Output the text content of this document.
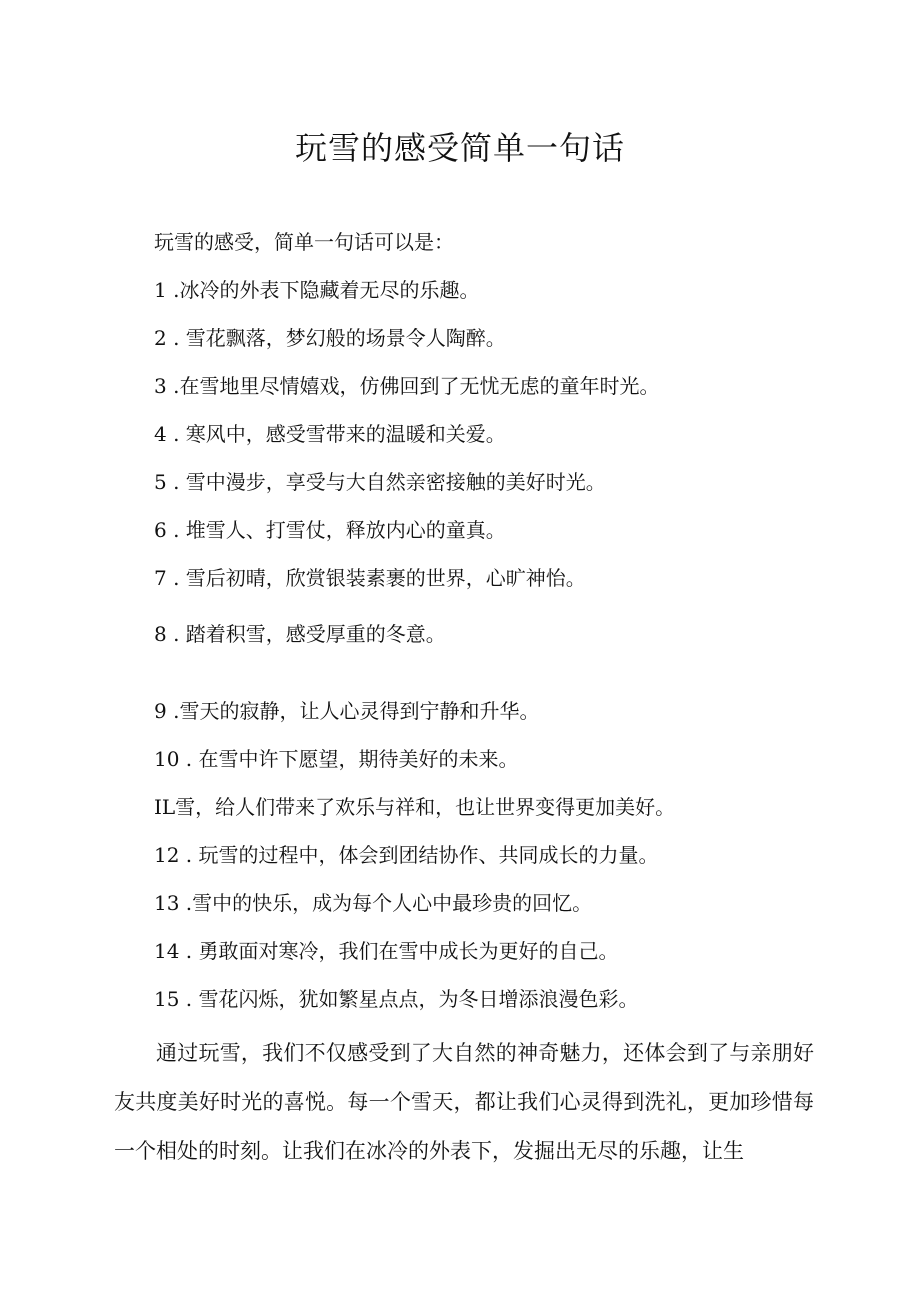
玩雪的感受简单一句话

玩雪的感受，简单一句话可以是：

1 .冰冷的外表下隐藏着无尽的乐趣。

2 . 雪花飘落，梦幻般的场景令人陶醉。

3 .在雪地里尽情嬉戏，仿佛回到了无忧无虑的童年时光。

4 . 寒风中，感受雪带来的温暖和关爱。

5 . 雪中漫步，享受与大自然亲密接触的美好时光。

6 . 堆雪人、打雪仗，释放内心的童真。

7 . 雪后初晴，欣赏银装素裹的世界，心旷神怡。

8 . 踏着积雪，感受厚重的冬意。

9 .雪天的寂静，让人心灵得到宁静和升华。

10 . 在雪中许下愿望，期待美好的未来。

IL雪，给人们带来了欢乐与祥和，也让世界变得更加美好。

12 . 玩雪的过程中，体会到团结协作、共同成长的力量。

13 .雪中的快乐，成为每个人心中最珍贵的回忆。

14 . 勇敢面对寒冷，我们在雪中成长为更好的自己。

15 . 雪花闪烁，犹如繁星点点，为冬日增添浪漫色彩。

通过玩雪，我们不仅感受到了大自然的神奇魅力，还体会到了与亲朋好友共度美好时光的喜悦。每一个雪天，都让我们心灵得到洗礼，更加珍惜每一个相处的时刻。让我们在冰冷的外表下，发掘出无尽的乐趣，让生
